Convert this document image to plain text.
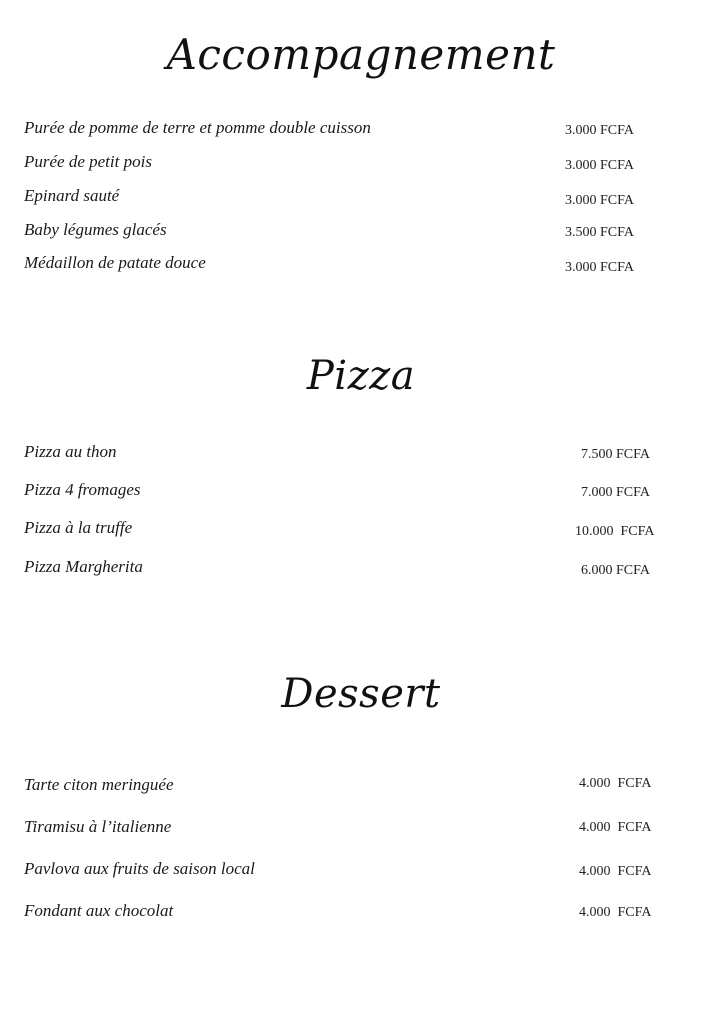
Accompagnement
Purée de pomme de terre et pomme double cuisson	3.000 FCFA
Purée de petit pois	3.000 FCFA
Epinard sauté	3.000 FCFA
Baby légumes glacés	3.500 FCFA
Médaillon de patate douce	3.000 FCFA
Pizza
Pizza au thon	7.500 FCFA
Pizza 4 fromages	7.000 FCFA
Pizza à la truffe	10.000  FCFA
Pizza Margherita	6.000 FCFA
Dessert
Tarte citon meringuée	4.000  FCFA
Tiramisu à l’italienne	4.000  FCFA
Pavlova aux fruits de saison local	4.000  FCFA
Fondant aux chocolat	4.000  FCFA
